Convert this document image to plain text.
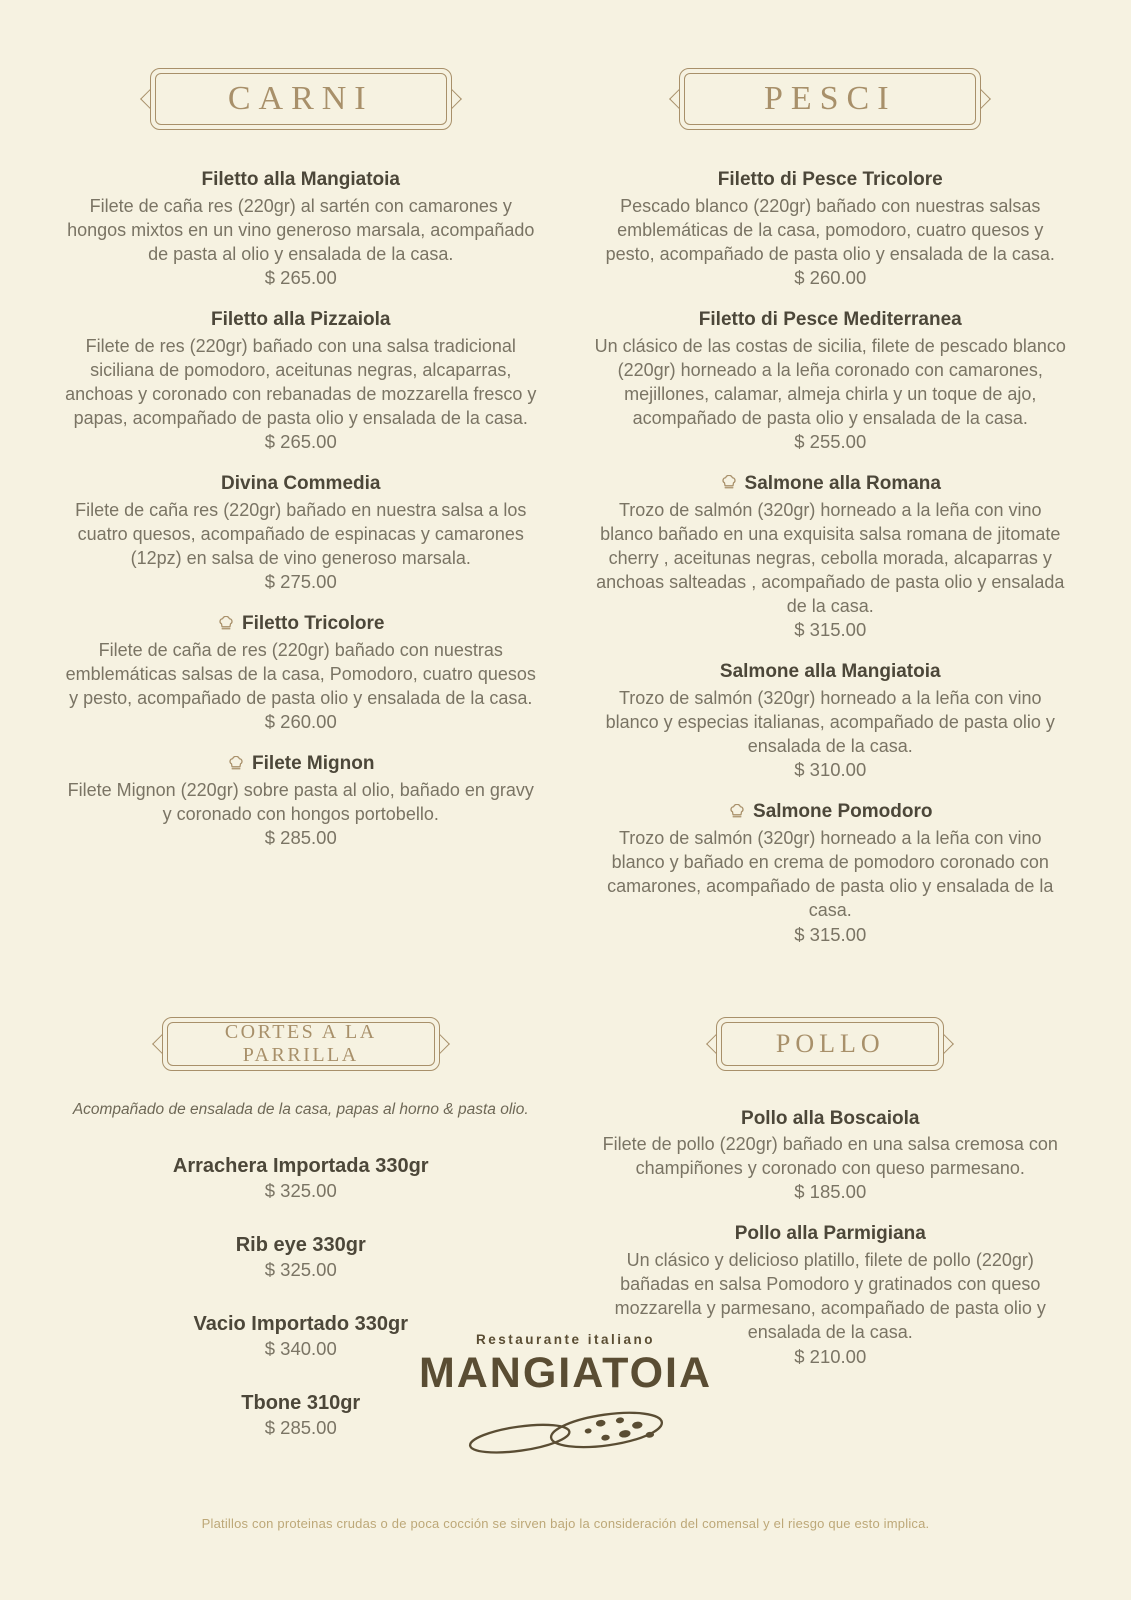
CARNI
Filetto alla Mangiatoia

Filete de caña res (220gr) al sartén con camarones y hongos mixtos en un vino generoso marsala, acompañado de pasta al olio y ensalada de la casa.

$ 265.00
Filetto alla Pizzaiola

Filete de res (220gr) bañado con una salsa tradicional siciliana de pomodoro, aceitunas negras, alcaparras, anchoas y coronado con rebanadas de mozzarella fresco y papas, acompañado de pasta olio y ensalada de la casa.

$ 265.00
Divina Commedia

Filete de caña res (220gr) bañado en nuestra salsa a los cuatro quesos, acompañado de espinacas y camarones (12pz) en salsa de vino generoso marsala.

$ 275.00
Filetto Tricolore

Filete de caña de res (220gr) bañado con nuestras emblemáticas salsas de la casa, Pomodoro, cuatro quesos y pesto, acompañado de pasta olio y ensalada de la casa.

$ 260.00
Filete Mignon

Filete Mignon (220gr) sobre pasta al olio, bañado en gravy y coronado con hongos portobello.

$ 285.00
PESCI
Filetto di Pesce Tricolore

Pescado blanco (220gr) bañado con nuestras salsas emblemáticas de la casa, pomodoro, cuatro quesos y pesto, acompañado de pasta olio y ensalada de la casa.

$ 260.00
Filetto di Pesce Mediterranea

Un clásico de las costas de sicilia, filete de pescado blanco (220gr) horneado a la leña coronado con camarones, mejillones, calamar, almeja chirla y un toque de ajo, acompañado de pasta olio y ensalada de la casa.

$ 255.00
Salmone alla Romana

Trozo de salmón (320gr) horneado a la leña con vino blanco bañado en una exquisita salsa romana de jitomate cherry , aceitunas negras, cebolla morada, alcaparras y anchoas salteadas , acompañado de pasta olio y ensalada de la casa.

$ 315.00
Salmone alla Mangiatoia

Trozo de salmón (320gr) horneado a la leña con vino blanco y especias italianas, acompañado de pasta olio y ensalada de la casa.

$ 310.00
Salmone Pomodoro

Trozo de salmón (320gr) horneado a la leña con vino blanco y bañado en crema de pomodoro coronado con camarones, acompañado de pasta olio y ensalada de la casa.

$ 315.00
CORTES A LA PARRILLA

Acompañado de ensalada de la casa, papas al horno & pasta olio.

Arrachera Importada 330gr
$ 325.00
Rib eye 330gr
$ 325.00
Vacio Importado 330gr
$ 340.00
Tbone 310gr
$ 285.00
POLLO
Pollo alla Boscaiola

Filete de pollo (220gr) bañado en una salsa cremosa con champiñones y coronado con queso parmesano.

$ 185.00
Pollo alla Parmigiana

Un clásico y delicioso platillo, filete de pollo (220gr) bañadas en salsa Pomodoro y gratinados con queso mozzarella y parmesano, acompañado de pasta olio y ensalada de la casa.

$ 210.00
Restaurante italiano
MANGIATOIA
Platillos con proteinas crudas o de poca cocción se sirven bajo la consideración del comensal y el riesgo que esto implica.
